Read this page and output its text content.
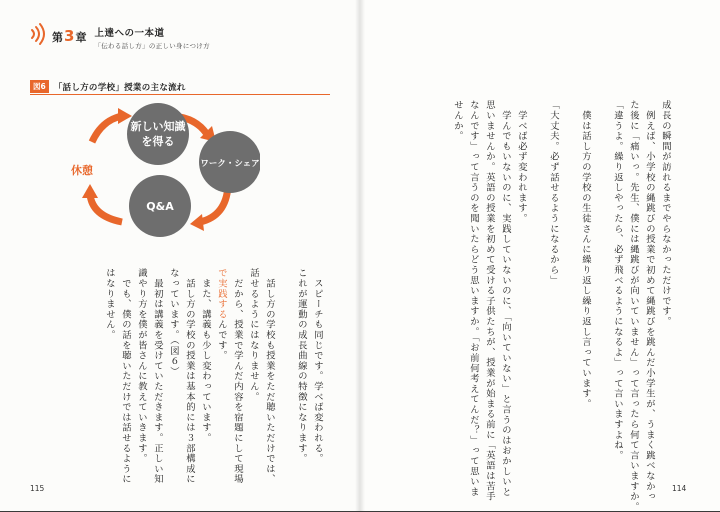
第 3 章 上達への一本道
「伝わる話し方」の正しい身につけ方
図6 「話し方の学校」授業の主な流れ
新しい知識
を得る
ワーク・シェア
Q&A
休憩	成長の瞬間が訪れるまでやらなかっただけです。
　例えば、小学校の縄跳びの授業で初めて縄跳びを跳んだ小学生が、うまく跳べなかっ
た後に「痛いっ。先生、僕には縄跳びが向いていません」って言ったら何て言いますか。
「違うよ。繰り返しやったら、必ず飛べるようになるよ」って言いますよね。
　僕は話し方の学校の生徒さんに繰り返し繰り返し言っています。
「大丈夫。必ず話せるようになるから」
　学べば必ず変われます。
　学んでもいないのに、実践していないのに、「向いていない」と言うのはおかしいと
思いませんか。英語の授業を初めて受ける子供たちが、授業が始まる前に「英語は苦手
なんです」って言うのを聞いたらどう思いますか。「お前何考えてんだ？」って思いま
せんか。
　スピーチも同じです。学べば変われる。
これが運動の成長曲線の特徴になります。
　話し方の学校も授業をただ聴いただけでは、
話せるようにはなりません。
　だから、授業で学んだ内容を宿題にして現場
で実践するんです。
　また、講義も少し変わっています。
　話し方の学校の授業は基本的には３部構成に
なっています。（図６）
　最初は講義を受けていただきます。正しい知
識やり方を僕が皆さんに教えていきます。
　でも、僕の話を聴いただけでは話せるように
はなりません。
115	114
